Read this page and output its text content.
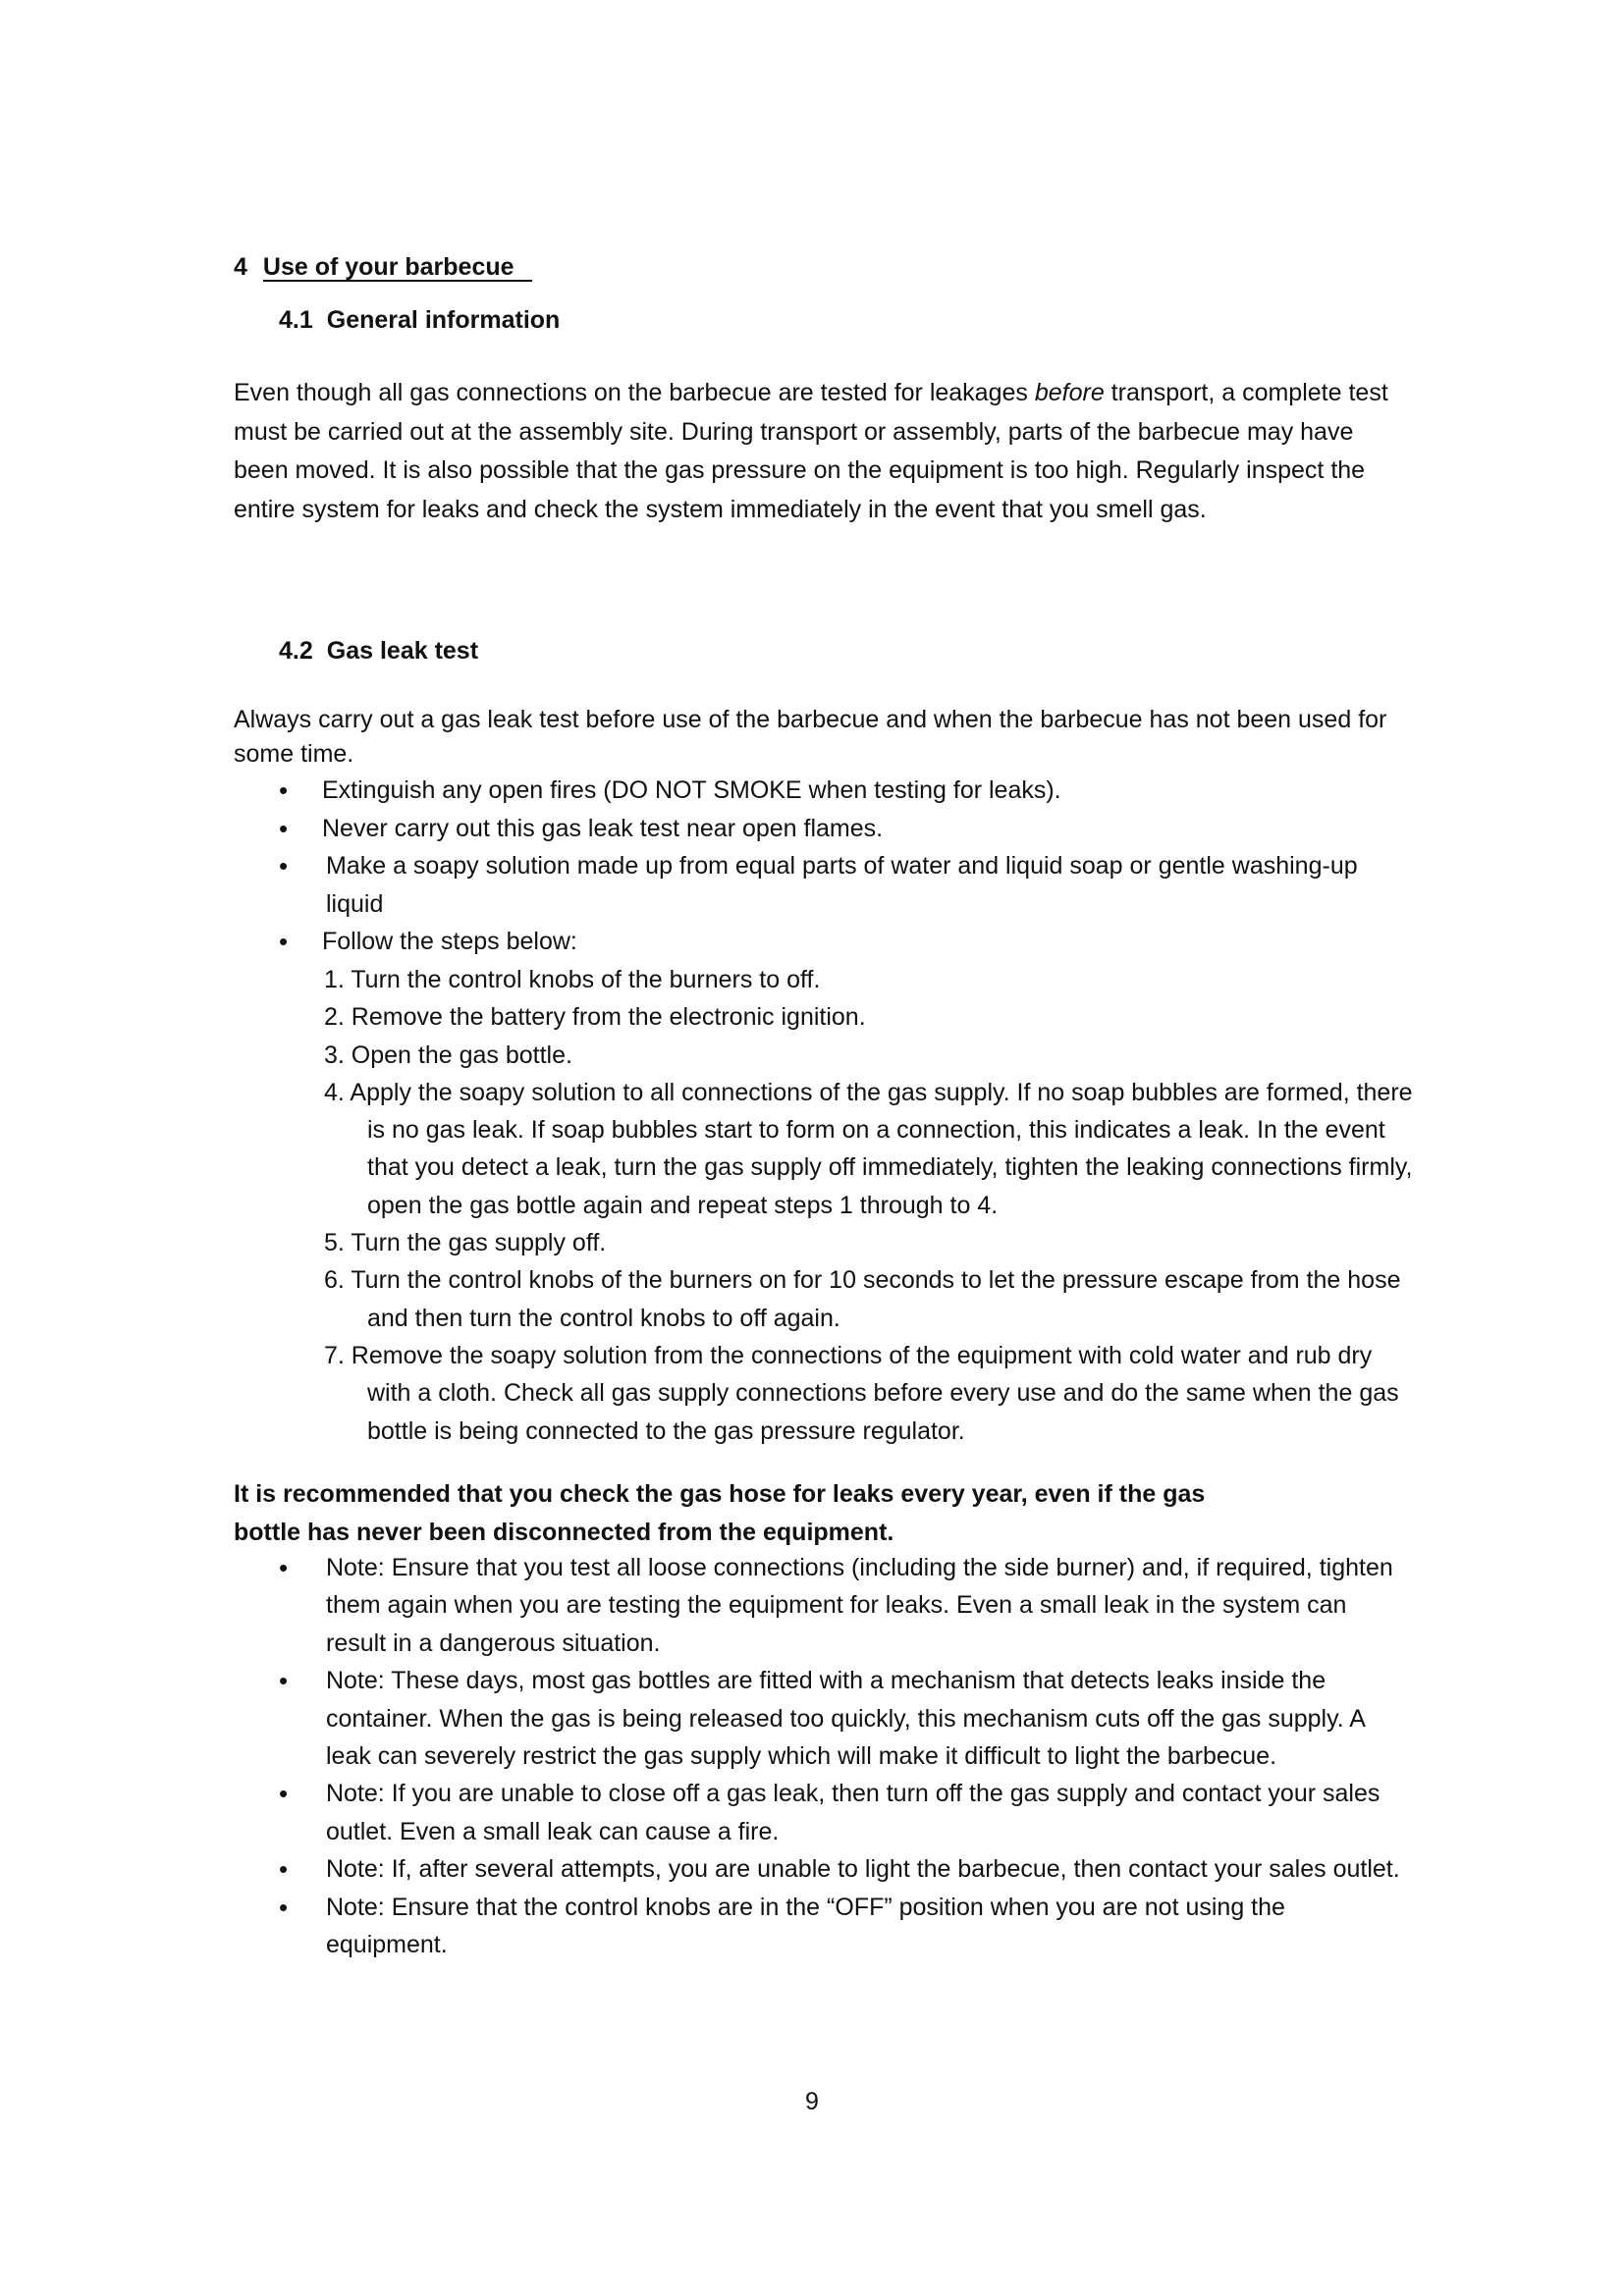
4 Use of your barbecue
4.1 General information
Even though all gas connections on the barbecue are tested for leakages before transport, a complete test must be carried out at the assembly site. During transport or assembly, parts of the barbecue may have been moved. It is also possible that the gas pressure on the equipment is too high. Regularly inspect the entire system for leaks and check the system immediately in the event that you smell gas.
4.2 Gas leak test
Always carry out a gas leak test before use of the barbecue and when the barbecue has not been used for some time.
• Extinguish any open fires (DO NOT SMOKE when testing for leaks).
• Never carry out this gas leak test near open flames.
• Make a soapy solution made up from equal parts of water and liquid soap or gentle washing-up liquid
• Follow the steps below:
1. Turn the control knobs of the burners to off.
2. Remove the battery from the electronic ignition.
3. Open the gas bottle.
4. Apply the soapy solution to all connections of the gas supply. If no soap bubbles are formed, there is no gas leak. If soap bubbles start to form on a connection, this indicates a leak. In the event that you detect a leak, turn the gas supply off immediately, tighten the leaking connections firmly, open the gas bottle again and repeat steps 1 through to 4.
5. Turn the gas supply off.
6. Turn the control knobs of the burners on for 10 seconds to let the pressure escape from the hose and then turn the control knobs to off again.
7. Remove the soapy solution from the connections of the equipment with cold water and rub dry with a cloth. Check all gas supply connections before every use and do the same when the gas bottle is being connected to the gas pressure regulator.
It is recommended that you check the gas hose for leaks every year, even if the gas
bottle has never been disconnected from the equipment.
• Note: Ensure that you test all loose connections (including the side burner) and, if required, tighten them again when you are testing the equipment for leaks. Even a small leak in the system can result in a dangerous situation.
• Note: These days, most gas bottles are fitted with a mechanism that detects leaks inside the container. When the gas is being released too quickly, this mechanism cuts off the gas supply. A leak can severely restrict the gas supply which will make it difficult to light the barbecue.
• Note: If you are unable to close off a gas leak, then turn off the gas supply and contact your sales outlet. Even a small leak can cause a fire.
• Note: If, after several attempts, you are unable to light the barbecue, then contact your sales outlet.
• Note: Ensure that the control knobs are in the “OFF” position when you are not using the equipment.
9
